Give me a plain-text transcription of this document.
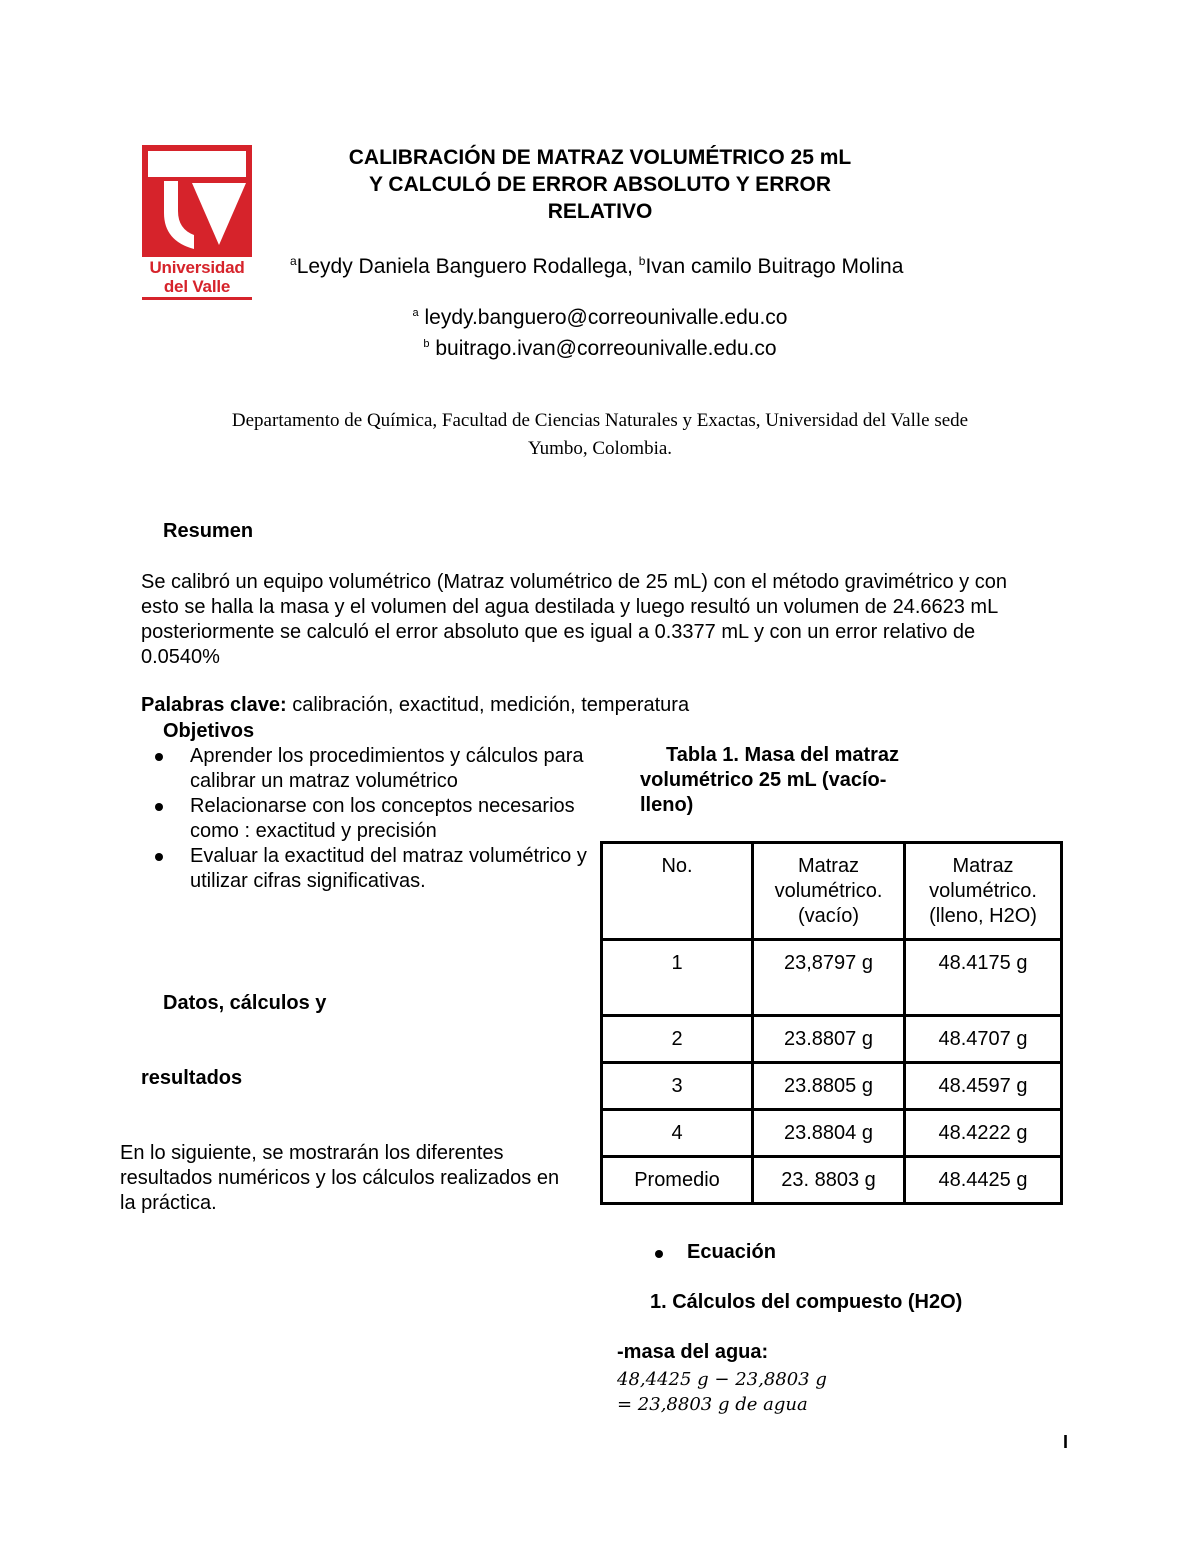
Universidad
del Valle
CALIBRACIÓN DE MATRAZ VOLUMÉTRICO 25 mL
Y CALCULÓ DE ERROR ABSOLUTO Y ERROR
RELATIVO
$^a$Leydy Daniela Banguero Rodallega, $^b$Ivan camilo Buitrago Molina
$^a$ leydy.banguero@correounivalle.edu.co
$^b$ buitrago.ivan@correounivalle.edu.co
Departamento de Química, Facultad de Ciencias Naturales y Exactas, Universidad del Valle sede
Yumbo, Colombia.
Resumen
Se calibró un equipo volumétrico (Matraz volumétrico de 25 mL) con el método gravimétrico y con esto se halla la masa y el volumen del agua destilada y luego resultó un volumen de 24.6623 mL posteriormente se calculó el error absoluto que es igual a 0.3377 mL y con un error relativo de 0.0540%
Palabras clave: calibración, exactitud, medición, temperatura
Objetivos
Aprender los procedimientos y cálculos para calibrar un matraz volumétrico
Relacionarse con los conceptos necesarios como : exactitud y precisión
Evaluar la exactitud del matraz volumétrico y utilizar cifras significativas.
Datos, cálculos y
resultados
En lo siguiente, se mostrarán los diferentes resultados numéricos y los cálculos realizados en la práctica.
Tabla 1. Masa del matraz
volumétrico 25 mL (vacío-
lleno)
No.	Matraz volumétrico. (vacío)	Matraz volumétrico. (lleno, H2O)
1	23,8797 g	48.4175 g
2	23.8807 g	48.4707 g
3	23.8805 g	48.4597 g
4	23.8804 g	48.4222 g
Promedio	23. 8803 g	48.4425 g
Ecuación
1. Cálculos del compuesto (H2O)
-masa del agua:
48,4425 g − 23,8803 g
= 23,8803 g de agua
I
